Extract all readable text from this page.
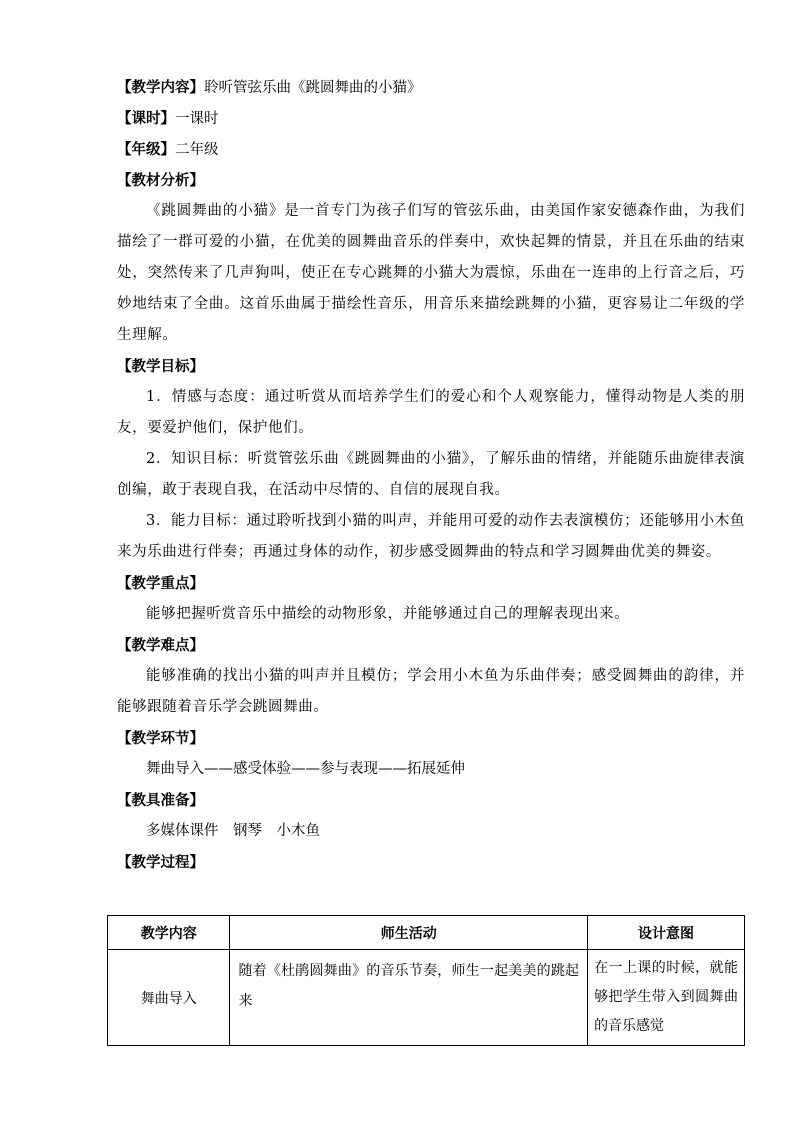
【教学内容】聆听管弦乐曲《跳圆舞曲的小猫》
【课时】一课时
【年级】二年级
【教材分析】

《跳圆舞曲的小猫》是一首专门为孩子们写的管弦乐曲，由美国作家安德森作曲，为我们描绘了一群可爱的小猫，在优美的圆舞曲音乐的伴奏中，欢快起舞的情景，并且在乐曲的结束处，突然传来了几声狗叫，使正在专心跳舞的小猫大为震惊，乐曲在一连串的上行音之后，巧妙地结束了全曲。这首乐曲属于描绘性音乐，用音乐来描绘跳舞的小猫，更容易让二年级的学生理解。

【教学目标】

1．情感与态度：通过听赏从而培养学生们的爱心和个人观察能力，懂得动物是人类的朋友，要爱护他们，保护他们。

2．知识目标：听赏管弦乐曲《跳圆舞曲的小猫》，了解乐曲的情绪，并能随乐曲旋律表演创编，敢于表现自我，在活动中尽情的、自信的展现自我。

3．能力目标：通过聆听找到小猫的叫声，并能用可爱的动作去表演模仿；还能够用小木鱼来为乐曲进行伴奏；再通过身体的动作，初步感受圆舞曲的特点和学习圆舞曲优美的舞姿。

【教学重点】

能够把握听赏音乐中描绘的动物形象，并能够通过自己的理解表现出来。

【教学难点】

能够准确的找出小猫的叫声并且模仿；学会用小木鱼为乐曲伴奏；感受圆舞曲的韵律，并能够跟随着音乐学会跳圆舞曲。

【教学环节】
舞曲导入——感受体验——参与表现——拓展延伸
【教具准备】
多媒体课件　钢琴　小木鱼
【教学过程】
教学内容	师生活动	设计意图
舞曲导入	随着《杜鹃圆舞曲》的音乐节奏，师生一起美美的跳起来	在一上课的时候，就能够把学生带入到圆舞曲的音乐感觉
